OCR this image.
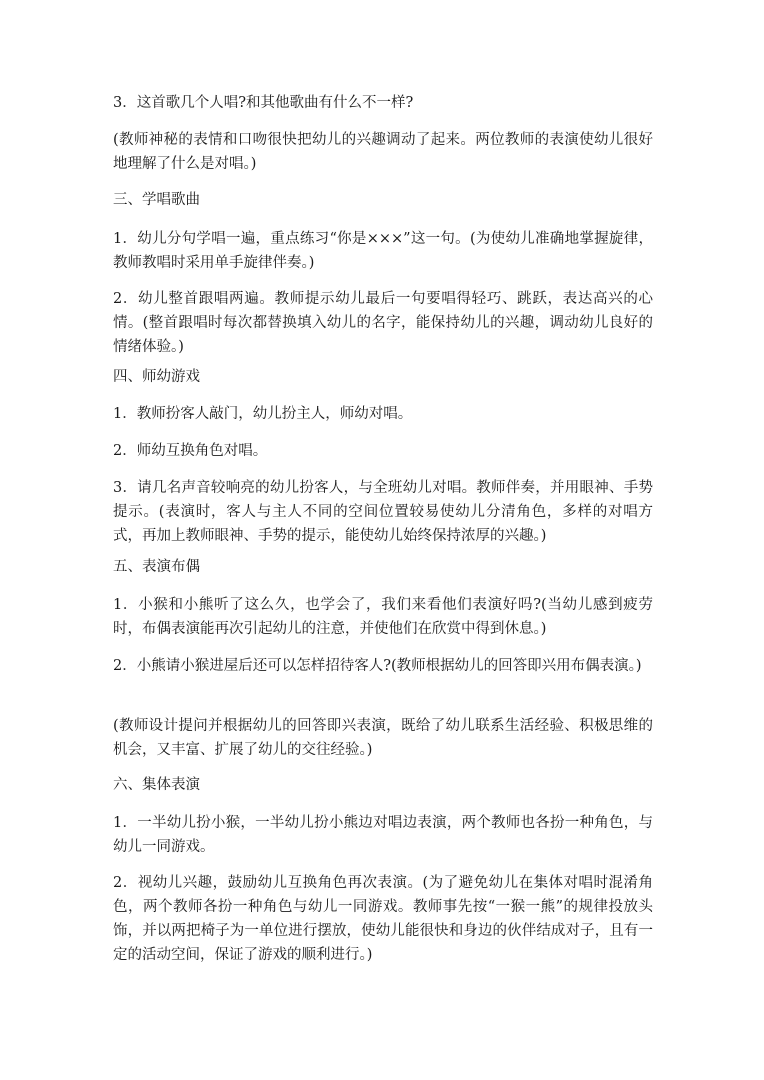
3．这首歌几个人唱?和其他歌曲有什么不一样?

(教师神秘的表情和口吻很快把幼儿的兴趣调动了起来。两位教师的表演使幼儿很好地理解了什么是对唱。)

三、学唱歌曲

1．幼儿分句学唱一遍，重点练习“你是×××”这一句。(为使幼儿准确地掌握旋律，教师教唱时采用单手旋律伴奏。)

2．幼儿整首跟唱两遍。教师提示幼儿最后一句要唱得轻巧、跳跃，表达高兴的心情。(整首跟唱时每次都替换填入幼儿的名字，能保持幼儿的兴趣，调动幼儿良好的情绪体验。)

四、师幼游戏

1．教师扮客人敲门，幼儿扮主人，师幼对唱。

2．师幼互换角色对唱。

3．请几名声音较响亮的幼儿扮客人，与全班幼儿对唱。教师伴奏，并用眼神、手势提示。(表演时，客人与主人不同的空间位置较易使幼儿分清角色，多样的对唱方式，再加上教师眼神、手势的提示，能使幼儿始终保持浓厚的兴趣。)

五、表演布偶

1．小猴和小熊听了这么久，也学会了，我们来看他们表演好吗?(当幼儿感到疲劳时，布偶表演能再次引起幼儿的注意，并使他们在欣赏中得到休息。)

2．小熊请小猴进屋后还可以怎样招待客人?(教师根据幼儿的回答即兴用布偶表演。)

(教师设计提问并根据幼儿的回答即兴表演，既给了幼儿联系生活经验、积极思维的机会，又丰富、扩展了幼儿的交往经验。)

六、集体表演

1．一半幼儿扮小猴，一半幼儿扮小熊边对唱边表演，两个教师也各扮一种角色，与幼儿一同游戏。

2．视幼儿兴趣，鼓励幼儿互换角色再次表演。(为了避免幼儿在集体对唱时混淆角色，两个教师各扮一种角色与幼儿一同游戏。教师事先按“一猴一熊”的规律投放头饰，并以两把椅子为一单位进行摆放，使幼儿能很快和身边的伙伴结成对子，且有一定的活动空间，保证了游戏的顺利进行。)
